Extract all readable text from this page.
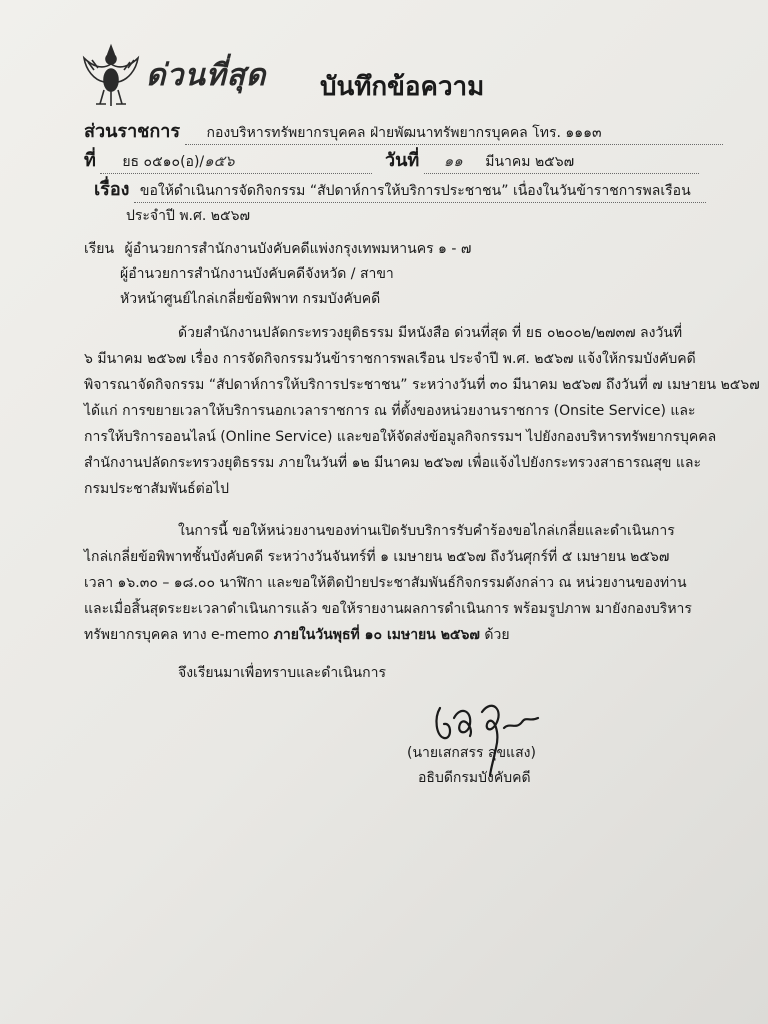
ด่วนที่สุด บันทึกข้อความ
ส่วนราชการ กองบริหารทรัพยากรบุคคล ฝ่ายพัฒนาทรัพยากรบุคคล โทร. ๑๑๑๓
ที่ ยธ ๐๕๑๐(อ)/๑๕๖	วันที่ ๑๑ มีนาคม ๒๕๖๗
เรื่อง ขอให้ดำเนินการจัดกิจกรรม “สัปดาห์การให้บริการประชาชน” เนื่องในวันข้าราชการพลเรือน
ประจำปี พ.ศ. ๒๕๖๗
เรียน ผู้อำนวยการสำนักงานบังคับคดีแพ่งกรุงเทพมหานคร ๑ - ๗
ผู้อำนวยการสำนักงานบังคับคดีจังหวัด / สาขา
หัวหน้าศูนย์ไกล่เกลี่ยข้อพิพาท กรมบังคับคดี
ด้วยสำนักงานปลัดกระทรวงยุติธรรม มีหนังสือ ด่วนที่สุด ที่ ยธ ๐๒๐๐๒/๒๗๓๗ ลงวันที่
๖ มีนาคม ๒๕๖๗ เรื่อง การจัดกิจกรรมวันข้าราชการพลเรือน ประจำปี พ.ศ. ๒๕๖๗ แจ้งให้กรมบังคับคดี
พิจารณาจัดกิจกรรม “สัปดาห์การให้บริการประชาชน” ระหว่างวันที่ ๓๐ มีนาคม ๒๕๖๗ ถึงวันที่ ๗ เมษายน ๒๕๖๗
ได้แก่ การขยายเวลาให้บริการนอกเวลาราชการ ณ ที่ตั้งของหน่วยงานราชการ (Onsite Service) และ
การให้บริการออนไลน์ (Online Service) และขอให้จัดส่งข้อมูลกิจกรรมฯ ไปยังกองบริหารทรัพยากรบุคคล
สำนักงานปลัดกระทรวงยุติธรรม ภายในวันที่ ๑๒ มีนาคม ๒๕๖๗ เพื่อแจ้งไปยังกระทรวงสาธารณสุข และ
กรมประชาสัมพันธ์ต่อไป
ในการนี้ ขอให้หน่วยงานของท่านเปิดรับบริการรับคำร้องขอไกล่เกลี่ยและดำเนินการ
ไกล่เกลี่ยข้อพิพาทชั้นบังคับคดี ระหว่างวันจันทร์ที่ ๑ เมษายน ๒๕๖๗ ถึงวันศุกร์ที่ ๕ เมษายน ๒๕๖๗
เวลา ๑๖.๓๐ – ๑๘.๐๐ นาฬิกา และขอให้ติดป้ายประชาสัมพันธ์กิจกรรมดังกล่าว ณ หน่วยงานของท่าน
และเมื่อสิ้นสุดระยะเวลาดำเนินการแล้ว ขอให้รายงานผลการดำเนินการ พร้อมรูปภาพ มายังกองบริหาร
ทรัพยากรบุคคล ทาง e-memo ภายในวันพุธที่ ๑๐ เมษายน ๒๕๖๗ ด้วย
จึงเรียนมาเพื่อทราบและดำเนินการ
(นายเสกสรร สุขแสง)
อธิบดีกรมบังคับคดี
